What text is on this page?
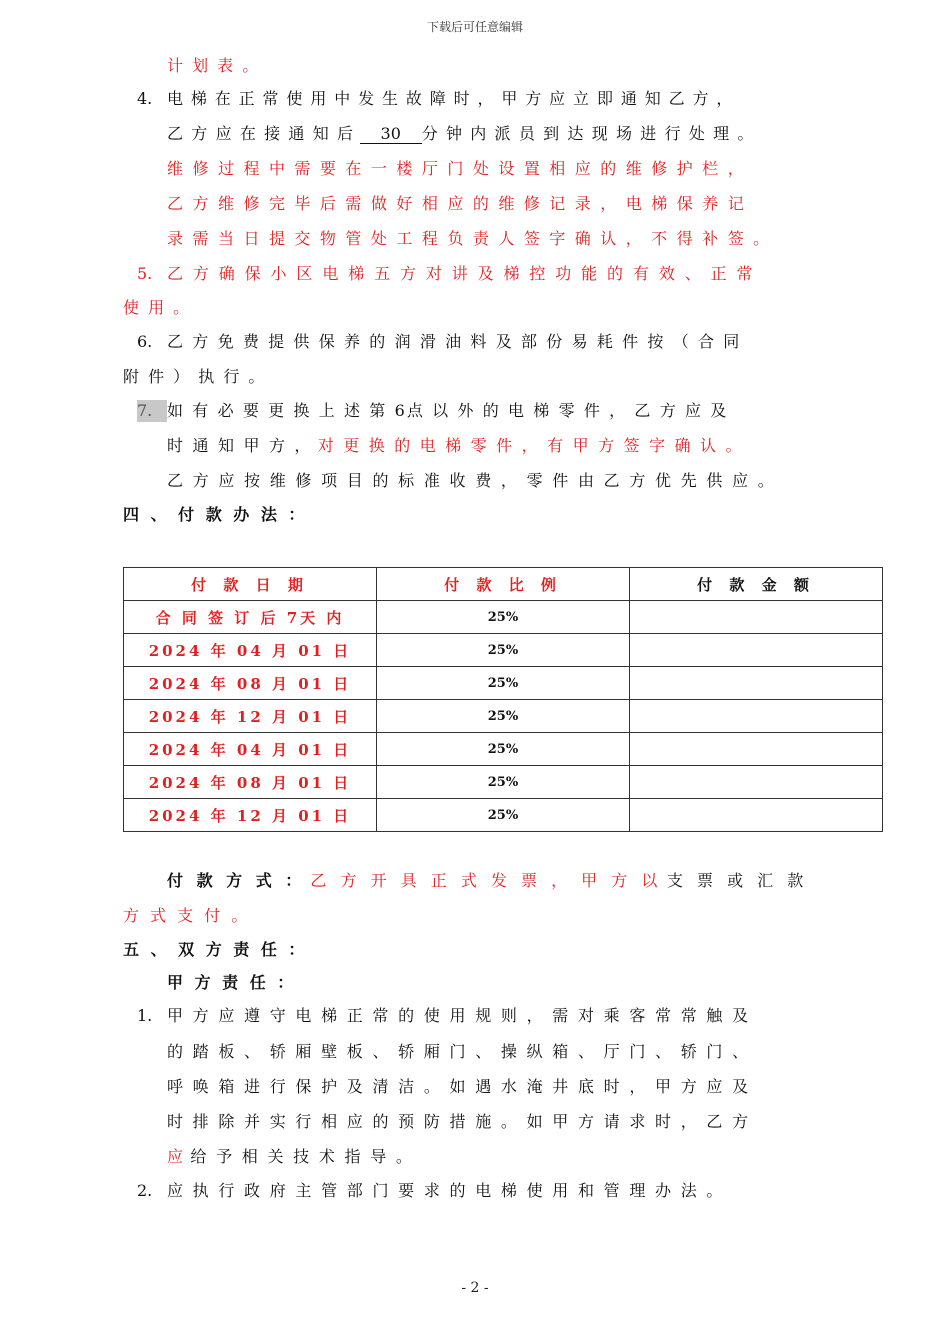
下载后可任意编辑
计 划 表 。
4. 电 梯 在 正 常 使 用 中 发 生 故 障 时 ， 甲 方 应 立 即 通 知 乙 方 ，
乙 方 应 在 接 通 知 后 30 分 钟 内 派 员 到 达 现 场 进 行 处 理 。
维 修 过 程 中 需 要 在 一 楼 厅 门 处 设 置 相 应 的 维 修 护 栏 ，
乙 方 维 修 完 毕 后 需 做 好 相 应 的 维 修 记 录 ， 电 梯 保 养 记
录 需 当 日 提 交 物 管 处 工 程 负 责 人 签 字 确 认 ， 不 得 补 签 。
5. 乙 方 确 保 小 区 电 梯 五 方 对 讲 及 梯 控 功 能 的 有 效 、 正 常
使 用 。
6. 乙 方 免 费 提 供 保 养 的 润 滑 油 料 及 部 份 易 耗 件 按 （ 合 同
附 件 ） 执 行 。
7. 如 有 必 要 更 换 上 述 第 6点 以 外 的 电 梯 零 件 ， 乙 方 应 及
时 通 知 甲 方 ， 对 更 换 的 电 梯 零 件 ， 有 甲 方 签 字 确 认 。
乙 方 应 按 维 修 项 目 的 标 准 收 费 ， 零 件 由 乙 方 优 先 供 应 。
四 、 付 款 办 法 ：
付 款 日 期	付 款 比 例	付 款 金 额
合 同 签 订 后 7天 内	25%	
2024 年 04 月 01 日	25%	
2024 年 08 月 01 日	25%	
2024 年 12 月 01 日	25%	
2024 年 04 月 01 日	25%	
2024 年 08 月 01 日	25%	
2024 年 12 月 01 日	25%	
付 款 方 式 ： 乙 方 开 具 正 式 发 票 ， 甲 方 以 支 票 或 汇 款
方 式 支 付 。
五 、 双 方 责 任 ：
甲 方 责 任 ：
1. 甲 方 应 遵 守 电 梯 正 常 的 使 用 规 则 ， 需 对 乘 客 常 常 触 及
的 踏 板 、 轿 厢 壁 板 、 轿 厢 门 、 操 纵 箱 、 厅 门 、 轿 门 、
呼 唤 箱 进 行 保 护 及 清 洁 。 如 遇 水 淹 井 底 时 ， 甲 方 应 及
时 排 除 并 实 行 相 应 的 预 防 措 施 。 如 甲 方 请 求 时 ， 乙 方
应 给 予 相 关 技 术 指 导 。
2. 应 执 行 政 府 主 管 部 门 要 求 的 电 梯 使 用 和 管 理 办 法 。
- 2 -
